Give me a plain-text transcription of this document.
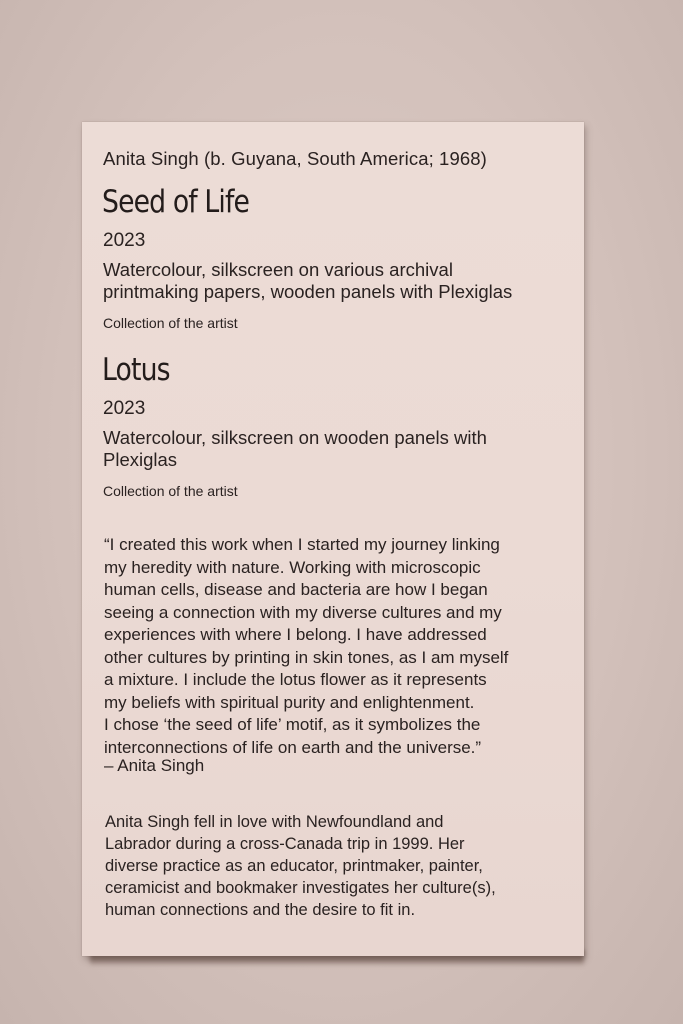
Anita Singh (b. Guyana, South America; 1968)
Seed of Life
2023
Watercolour, silkscreen on various archival
printmaking papers, wooden panels with Plexiglas
Collection of the artist
Lotus
2023
Watercolour, silkscreen on wooden panels with
Plexiglas
Collection of the artist
“I created this work when I started my journey linking
my heredity with nature. Working with microscopic
human cells, disease and bacteria are how I began
seeing a connection with my diverse cultures and my
experiences with where I belong. I have addressed
other cultures by printing in skin tones, as I am myself
a mixture. I include the lotus flower as it represents
my beliefs with spiritual purity and enlightenment.
I chose ‘the seed of life’ motif, as it symbolizes the
interconnections of life on earth and the universe.”
– Anita Singh
Anita Singh fell in love with Newfoundland and
Labrador during a cross-Canada trip in 1999. Her
diverse practice as an educator, printmaker, painter,
ceramicist and bookmaker investigates her culture(s),
human connections and the desire to fit in.
